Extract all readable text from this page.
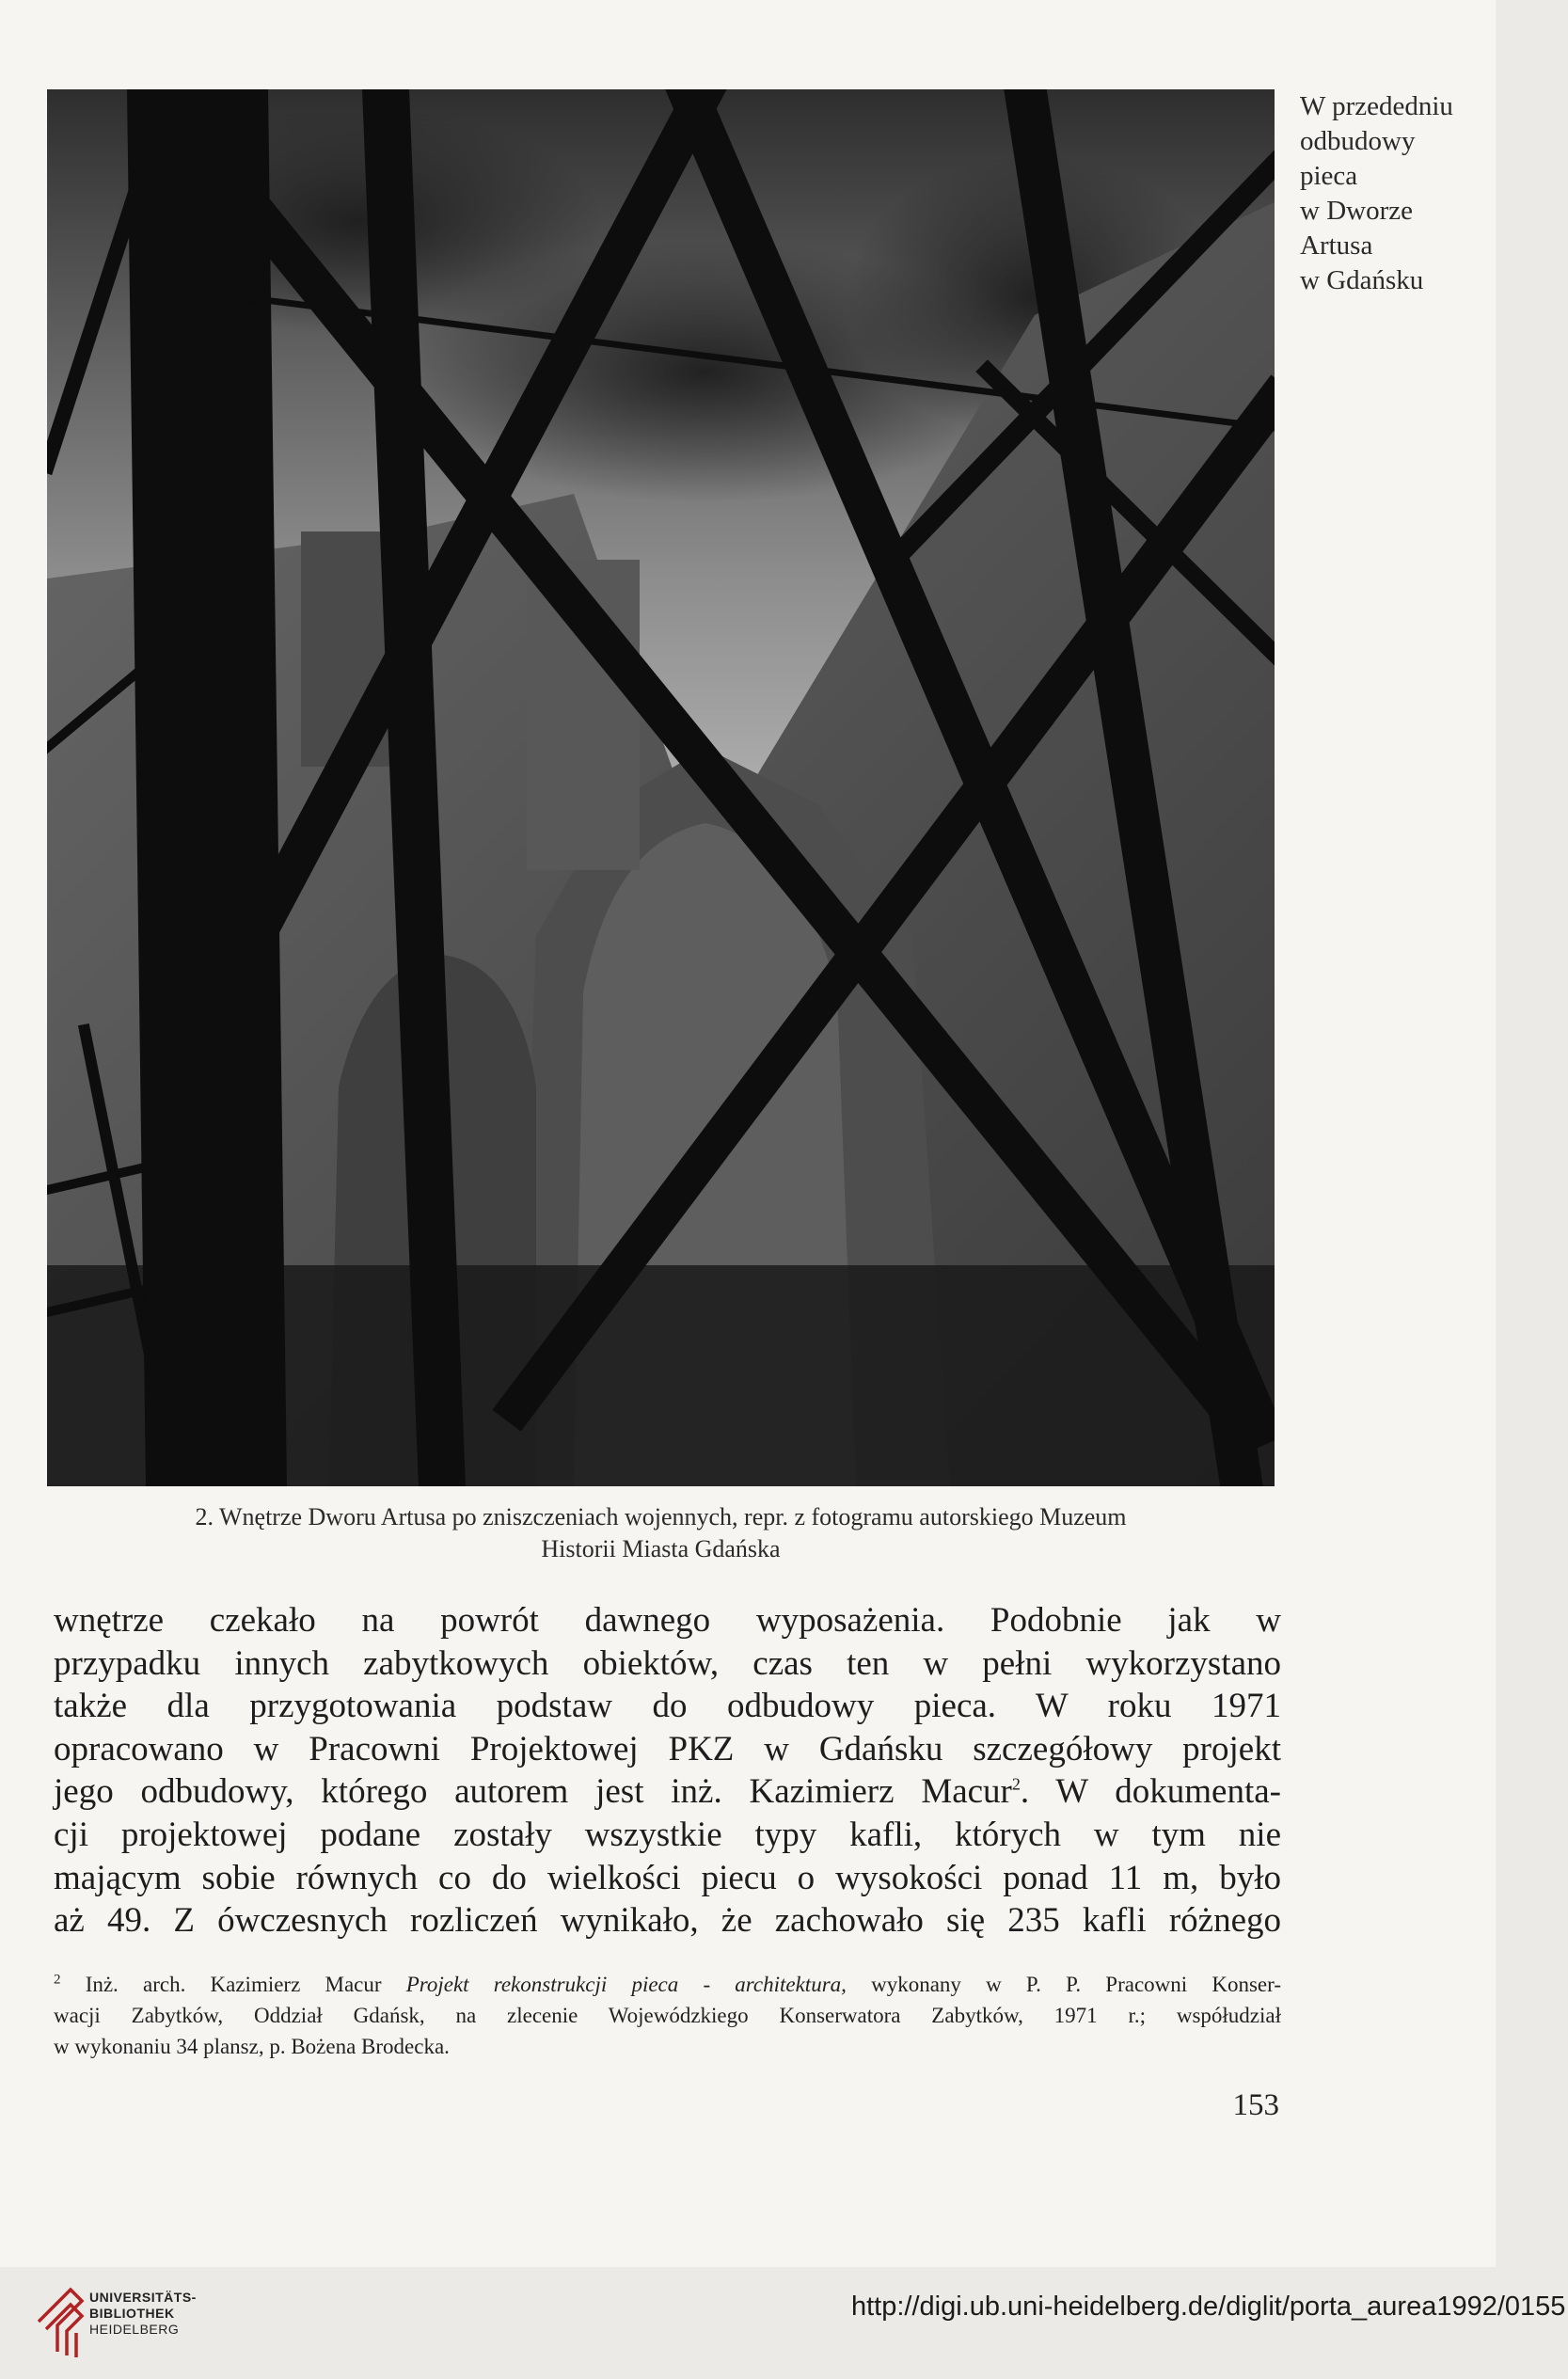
W przededniu
odbudowy
pieca
w Dworze
Artusa
w Gdańsku
2. Wnętrze Dworu Artusa po zniszczeniach wojennych, repr. z fotogramu autorskiego Muzeum
Historii Miasta Gdańska
wnętrze czekało na powrót dawnego wyposażenia. Podobnie jak w
przypadku innych zabytkowych obiektów, czas ten w pełni wykorzystano
także dla przygotowania podstaw do odbudowy pieca. W roku 1971
opracowano w Pracowni Projektowej PKZ w Gdańsku szczegółowy projekt
jego odbudowy, którego autorem jest inż. Kazimierz Macur$^2$. W dokumenta-
cji projektowej podane zostały wszystkie typy kafli, których w tym nie
mającym sobie równych co do wielkości piecu o wysokości ponad 11 m, było
aż 49. Z ówczesnych rozliczeń wynikało, że zachowało się 235 kafli różnego
$^2$ Inż. arch. Kazimierz Macur Projekt rekonstrukcji pieca - architektura, wykonany w P. P. Pracowni Konser-
wacji Zabytków, Oddział Gdańsk, na zlecenie Wojewódzkiego Konserwatora Zabytków, 1971 r.; współudział
w wykonaniu 34 plansz, p. Bożena Brodecka.
153
UNIVERSITÄTS-
BIBLIOTHEK
HEIDELBERG
http://digi.ub.uni-heidelberg.de/diglit/porta_aurea1992/0155
